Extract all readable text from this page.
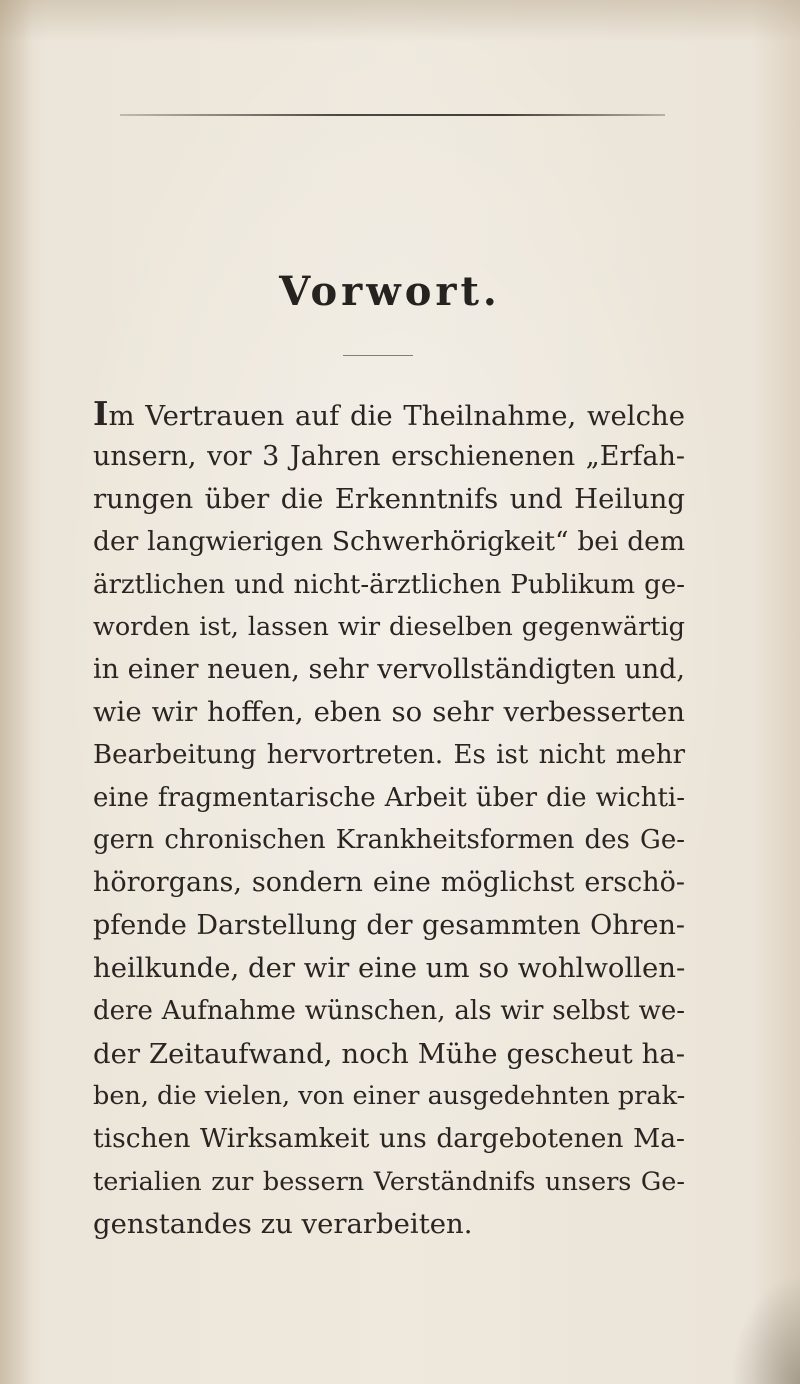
Vorwort.
Im Vertrauen auf die Theilnahme, welche
unsern, vor 3 Jahren erschienenen „Erfah-
rungen über die Erkenntnifs und Heilung
der langwierigen Schwerhörigkeit“ bei dem
ärztlichen und nicht-ärztlichen Publikum ge-
worden ist, lassen wir dieselben gegenwärtig
in einer neuen, sehr vervollständigten und,
wie wir hoffen, eben so sehr verbesserten
Bearbeitung hervortreten. Es ist nicht mehr
eine fragmentarische Arbeit über die wichti-
gern chronischen Krankheitsformen des Ge-
hörorgans, sondern eine möglichst erschö-
pfende Darstellung der gesammten Ohren-
heilkunde, der wir eine um so wohlwollen-
dere Aufnahme wünschen, als wir selbst we-
der Zeitaufwand, noch Mühe gescheut ha-
ben, die vielen, von einer ausgedehnten prak-
tischen Wirksamkeit uns dargebotenen Ma-
terialien zur bessern Verständnifs unsers Ge-
genstandes zu verarbeiten.
